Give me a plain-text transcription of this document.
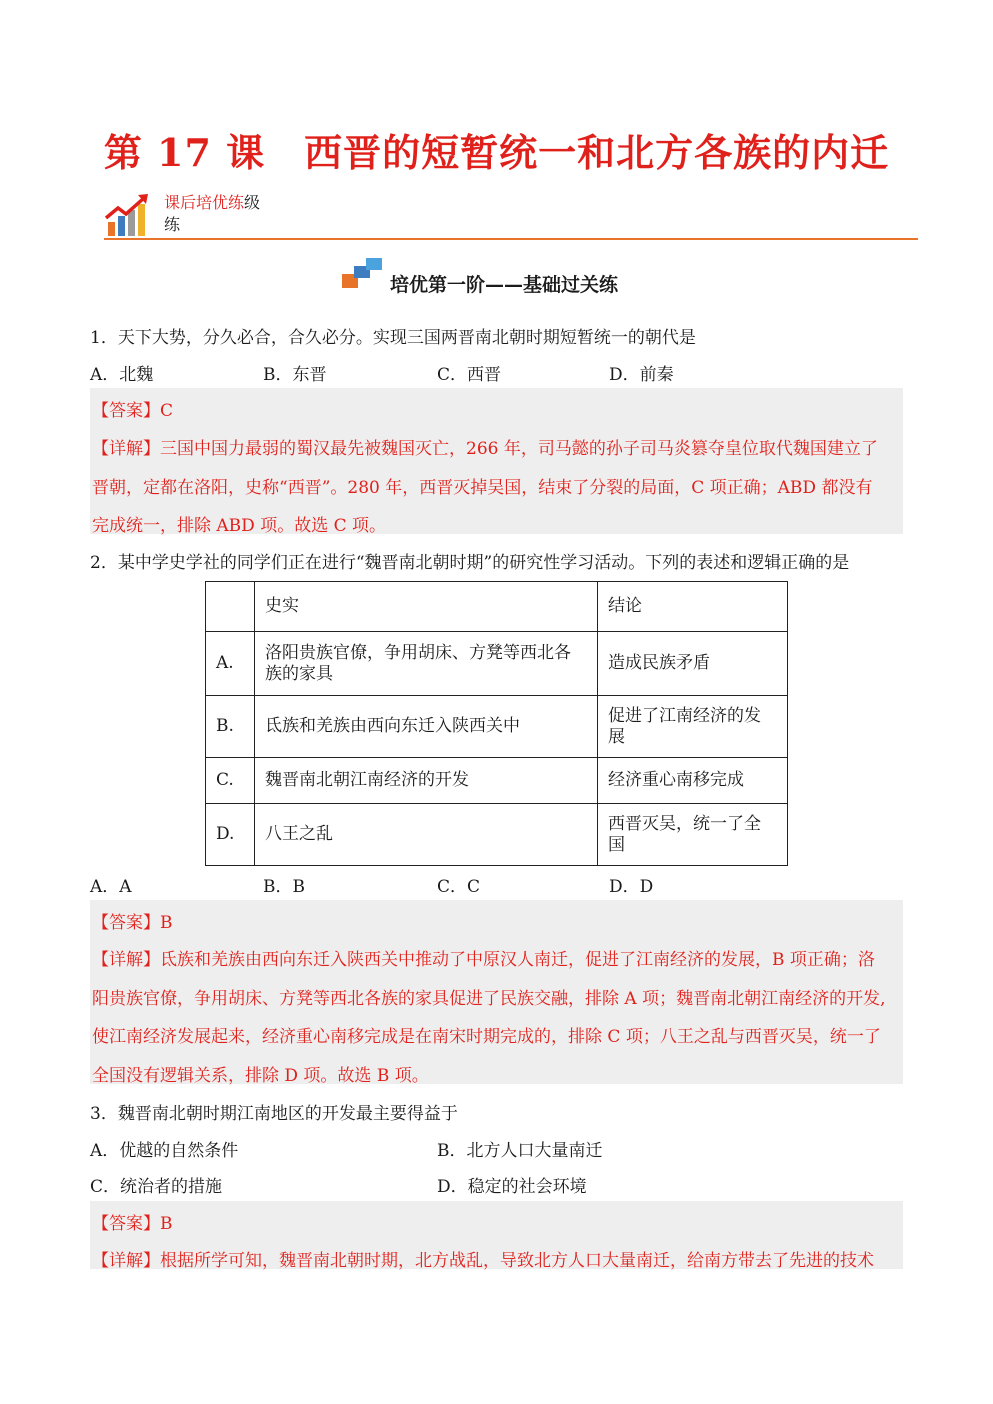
第 17 课　西晋的短暂统一和北方各族的内迁
课后培优练级
练
培优第一阶——基础过关练
1．天下大势，分久必合，合久必分。实现三国两晋南北朝时期短暂统一的朝代是
A．北魏	B．东晋	C．西晋	D．前秦
【答案】C
【详解】三国中国力最弱的蜀汉最先被魏国灭亡，266 年，司马懿的孙子司马炎篡夺皇位取代魏国建立了
晋朝，定都在洛阳，史称“西晋”。280 年，西晋灭掉吴国，结束了分裂的局面，C 项正确；ABD 都没有
完成统一，排除 ABD 项。故选 C 项。
2．某中学史学社的同学们正在进行“魏晋南北朝时期”的研究性学习活动。下列的表述和逻辑正确的是
	史实	结论
A.	洛阳贵族官僚，争用胡床、方凳等西北各族的家具	造成民族矛盾
B.	氐族和羌族由西向东迁入陕西关中	促进了江南经济的发展
C.	魏晋南北朝江南经济的开发	经济重心南移完成
D.	八王之乱	西晋灭吴，统一了全国
A．A	B．B	C．C	D．D
【答案】B
【详解】氐族和羌族由西向东迁入陕西关中推动了中原汉人南迁，促进了江南经济的发展，B 项正确；洛
阳贵族官僚，争用胡床、方凳等西北各族的家具促进了民族交融，排除 A 项；魏晋南北朝江南经济的开发,
使江南经济发展起来，经济重心南移完成是在南宋时期完成的，排除 C 项；八王之乱与西晋灭吴，统一了
全国没有逻辑关系，排除 D 项。故选 B 项。
3．魏晋南北朝时期江南地区的开发最主要得益于
A．优越的自然条件	B．北方人口大量南迁
C．统治者的措施	D．稳定的社会环境
【答案】B
【详解】根据所学可知，魏晋南北朝时期，北方战乱，导致北方人口大量南迁，给南方带去了先进的技术
